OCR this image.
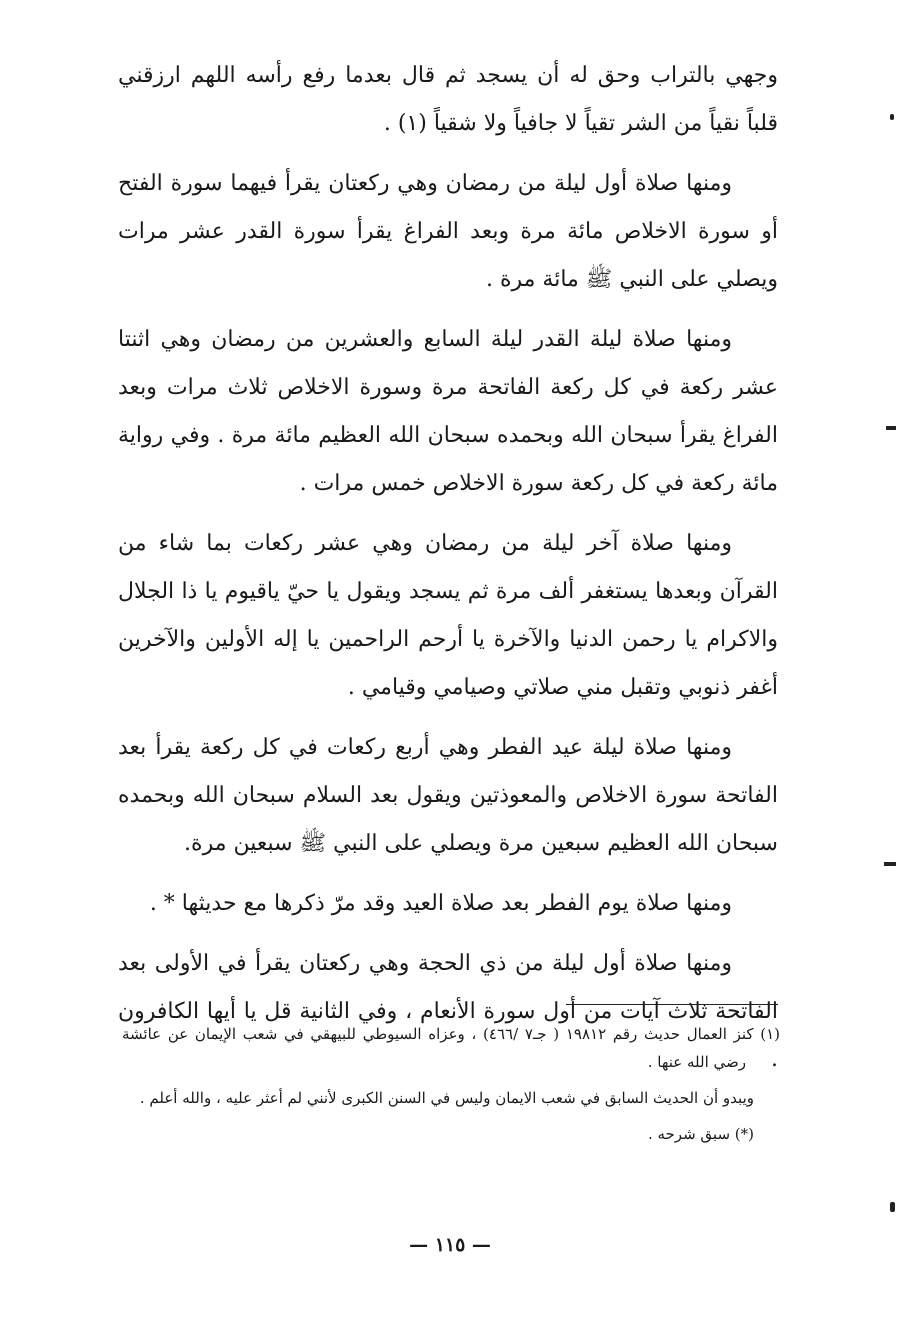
وجهي بالتراب وحق له أن يسجد ثم قال بعدما رفع رأسه اللهم ارزقني قلباً نقياً من الشر تقياً لا جافياً ولا شقياً (١) .

ومنها صلاة أول ليلة من رمضان وهي ركعتان يقرأ فيهما سورة الفتح أو سورة الاخلاص مائة مرة وبعد الفراغ يقرأ سورة القدر عشر مرات ويصلي على النبي ﷺ مائة مرة .

ومنها صلاة ليلة القدر ليلة السابع والعشرين من رمضان وهي اثنتا عشر ركعة في كل ركعة الفاتحة مرة وسورة الاخلاص ثلاث مرات وبعد الفراغ يقرأ سبحان الله وبحمده سبحان الله العظيم مائة مرة . وفي رواية مائة ركعة في كل ركعة سورة الاخلاص خمس مرات .

ومنها صلاة آخر ليلة من رمضان وهي عشر ركعات بما شاء من القرآن وبعدها يستغفر ألف مرة ثم يسجد ويقول يا حيّ ياقيوم يا ذا الجلال والاكرام يا رحمن الدنيا والآخرة يا أرحم الراحمين يا إله الأولين والآخرين أغفر ذنوبي وتقبل مني صلاتي وصيامي وقيامي .

ومنها صلاة ليلة عيد الفطر وهي أربع ركعات في كل ركعة يقرأ بعد الفاتحة سورة الاخلاص والمعوذتين ويقول بعد السلام سبحان الله وبحمده سبحان الله العظيم سبعين مرة ويصلي على النبي ﷺ سبعين مرة.

ومنها صلاة يوم الفطر بعد صلاة العيد وقد مرّ ذكرها مع حديثها * .

ومنها صلاة أول ليلة من ذي الحجة وهي ركعتان يقرأ في الأولى بعد الفاتحة ثلاث آيات من أول سورة الأنعام ، وفي الثانية قل يا أيها الكافرون .

(١) كنز العمال حديث رقم ١٩٨١٢ ( جـ٧ /٤٦٦) ، وعزاه السيوطي للبيهقي في شعب الإيمان عن عائشة رضي الله عنها .

ويبدو أن الحديث السابق في شعب الايمان وليس في السنن الكبرى لأنني لم أعثر عليه ، والله أعلم .

(*) سبق شرحه .

— ١١٥ —
